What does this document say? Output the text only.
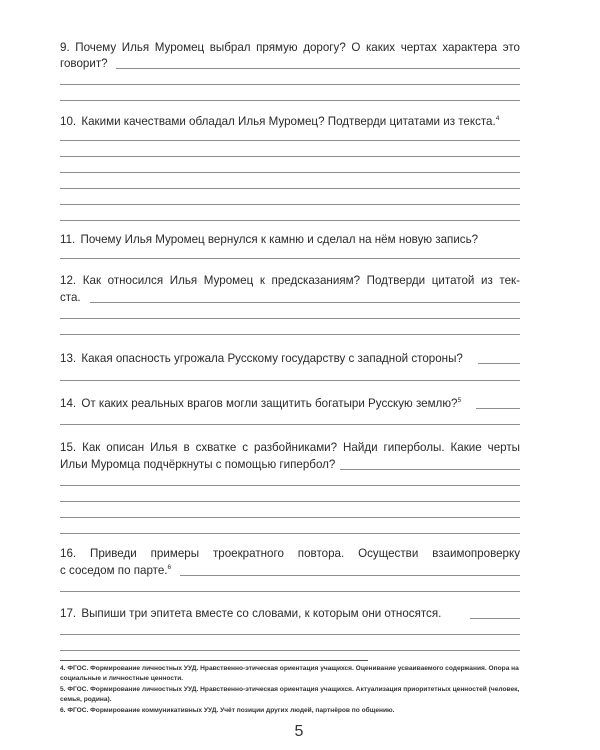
9. Почему Илья Муромец выбрал прямую дорогу? О каких чертах характера это
говорит?
10. Какими качествами обладал Илья Муромец? Подтверди цитатами из текста.$^4$
11. Почему Илья Муромец вернулся к камню и сделал на нём новую запись?
12. Как относился Илья Муромец к предсказаниям? Подтверди цитатой из тек-
ста.
13. Какая опасность угрожала Русскому государству с западной стороны?
14. От каких реальных врагов могли защитить богатыри Русскую землю?$^5$
15. Как описан Илья в схватке с разбойниками? Найди гиперболы. Какие черты
Ильи Муромца подчёркнуты с помощью гипербол?
16. Приведи примеры троекратного повтора. Осуществи взаимопроверку
с соседом по парте.$^6$
17. Выпиши три эпитета вместе со словами, к которым они относятся.
4. ФГОС. Формирование личностных УУД. Нравственно-этическая ориентация учащихся. Оценивание усваиваемого содержания. Опора на социальные и личностные ценности.
5. ФГОС. Формирование личностных УУД. Нравственно-этическая ориентация учащихся. Актуализация приоритетных ценностей (человек, семья, родина).
6. ФГОС. Формирование коммуникативных УУД. Учёт позиции других людей, партнёров по общению.
5
